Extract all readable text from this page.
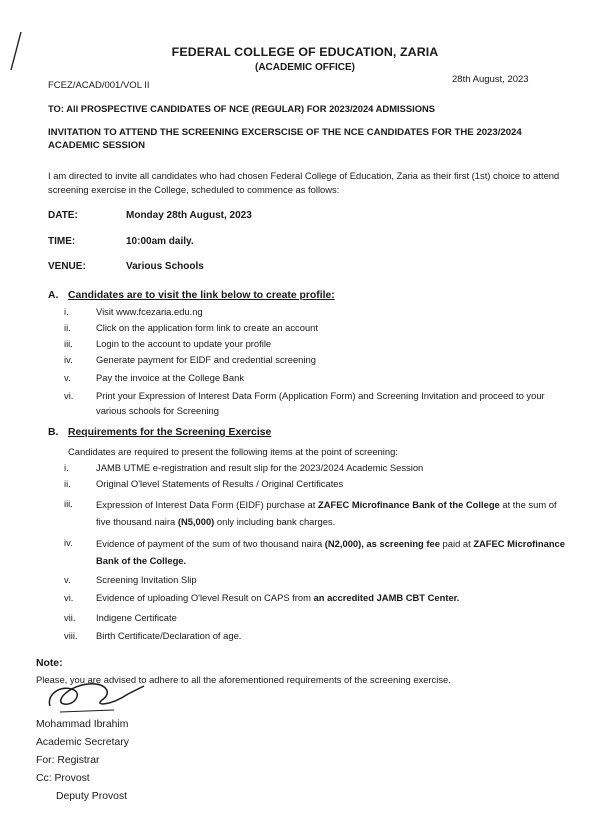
FEDERAL COLLEGE OF EDUCATION, ZARIA
(ACADEMIC OFFICE)
FCEZ/ACAD/001/VOL II
28th August, 2023
TO: All PROSPECTIVE CANDIDATES OF NCE (REGULAR) FOR 2023/2024 ADMISSIONS
INVITATION TO ATTEND THE SCREENING EXCERSCISE OF THE NCE CANDIDATES FOR THE 2023/2024 ACADEMIC SESSION
I am directed to invite all candidates who had chosen Federal College of Education, Zaria as their first (1st) choice to attend screening exercise in the College, scheduled to commence as follows:
DATE:	Monday 28th August, 2023
TIME:	10:00am daily.
VENUE:	Various Schools
A. Candidates are to visit the link below to create profile:
i.	Visit www.fcezaria.edu.ng
ii.	Click on the application form link to create an account
iii. Login to the account to update your profile
iv. Generate payment for EIDF and credential screening
v.	Pay the invoice at the College Bank
vi. Print your Expression of Interest Data Form (Application Form) and Screening Invitation and proceed to your various schools for Screening
B. Requirements for the Screening Exercise
Candidates are required to present the following items at the point of screening:
i.	JAMB UTME e-registration and result slip for the 2023/2024 Academic Session
ii.	Original O'level Statements of Results / Original Certificates
iii. Expression of Interest Data Form (EIDF) purchase at ZAFEC Microfinance Bank of the College at the sum of five thousand naira (N5,000) only including bank charges.
iv. Evidence of payment of the sum of two thousand naira (N2,000), as screening fee paid at ZAFEC Microfinance Bank of the College.
v.	Screening Invitation Slip
vi. Evidence of uploading O'level Result on CAPS from an accredited JAMB CBT Center.
vii. Indigene Certificate
viii. Birth Certificate/Declaration of age.
Note:
Please, you are advised to adhere to all the aforementioned requirements of the screening exercise.
Mohammad Ibrahim
Academic Secretary
For: Registrar
Cc: Provost
Deputy Provost
